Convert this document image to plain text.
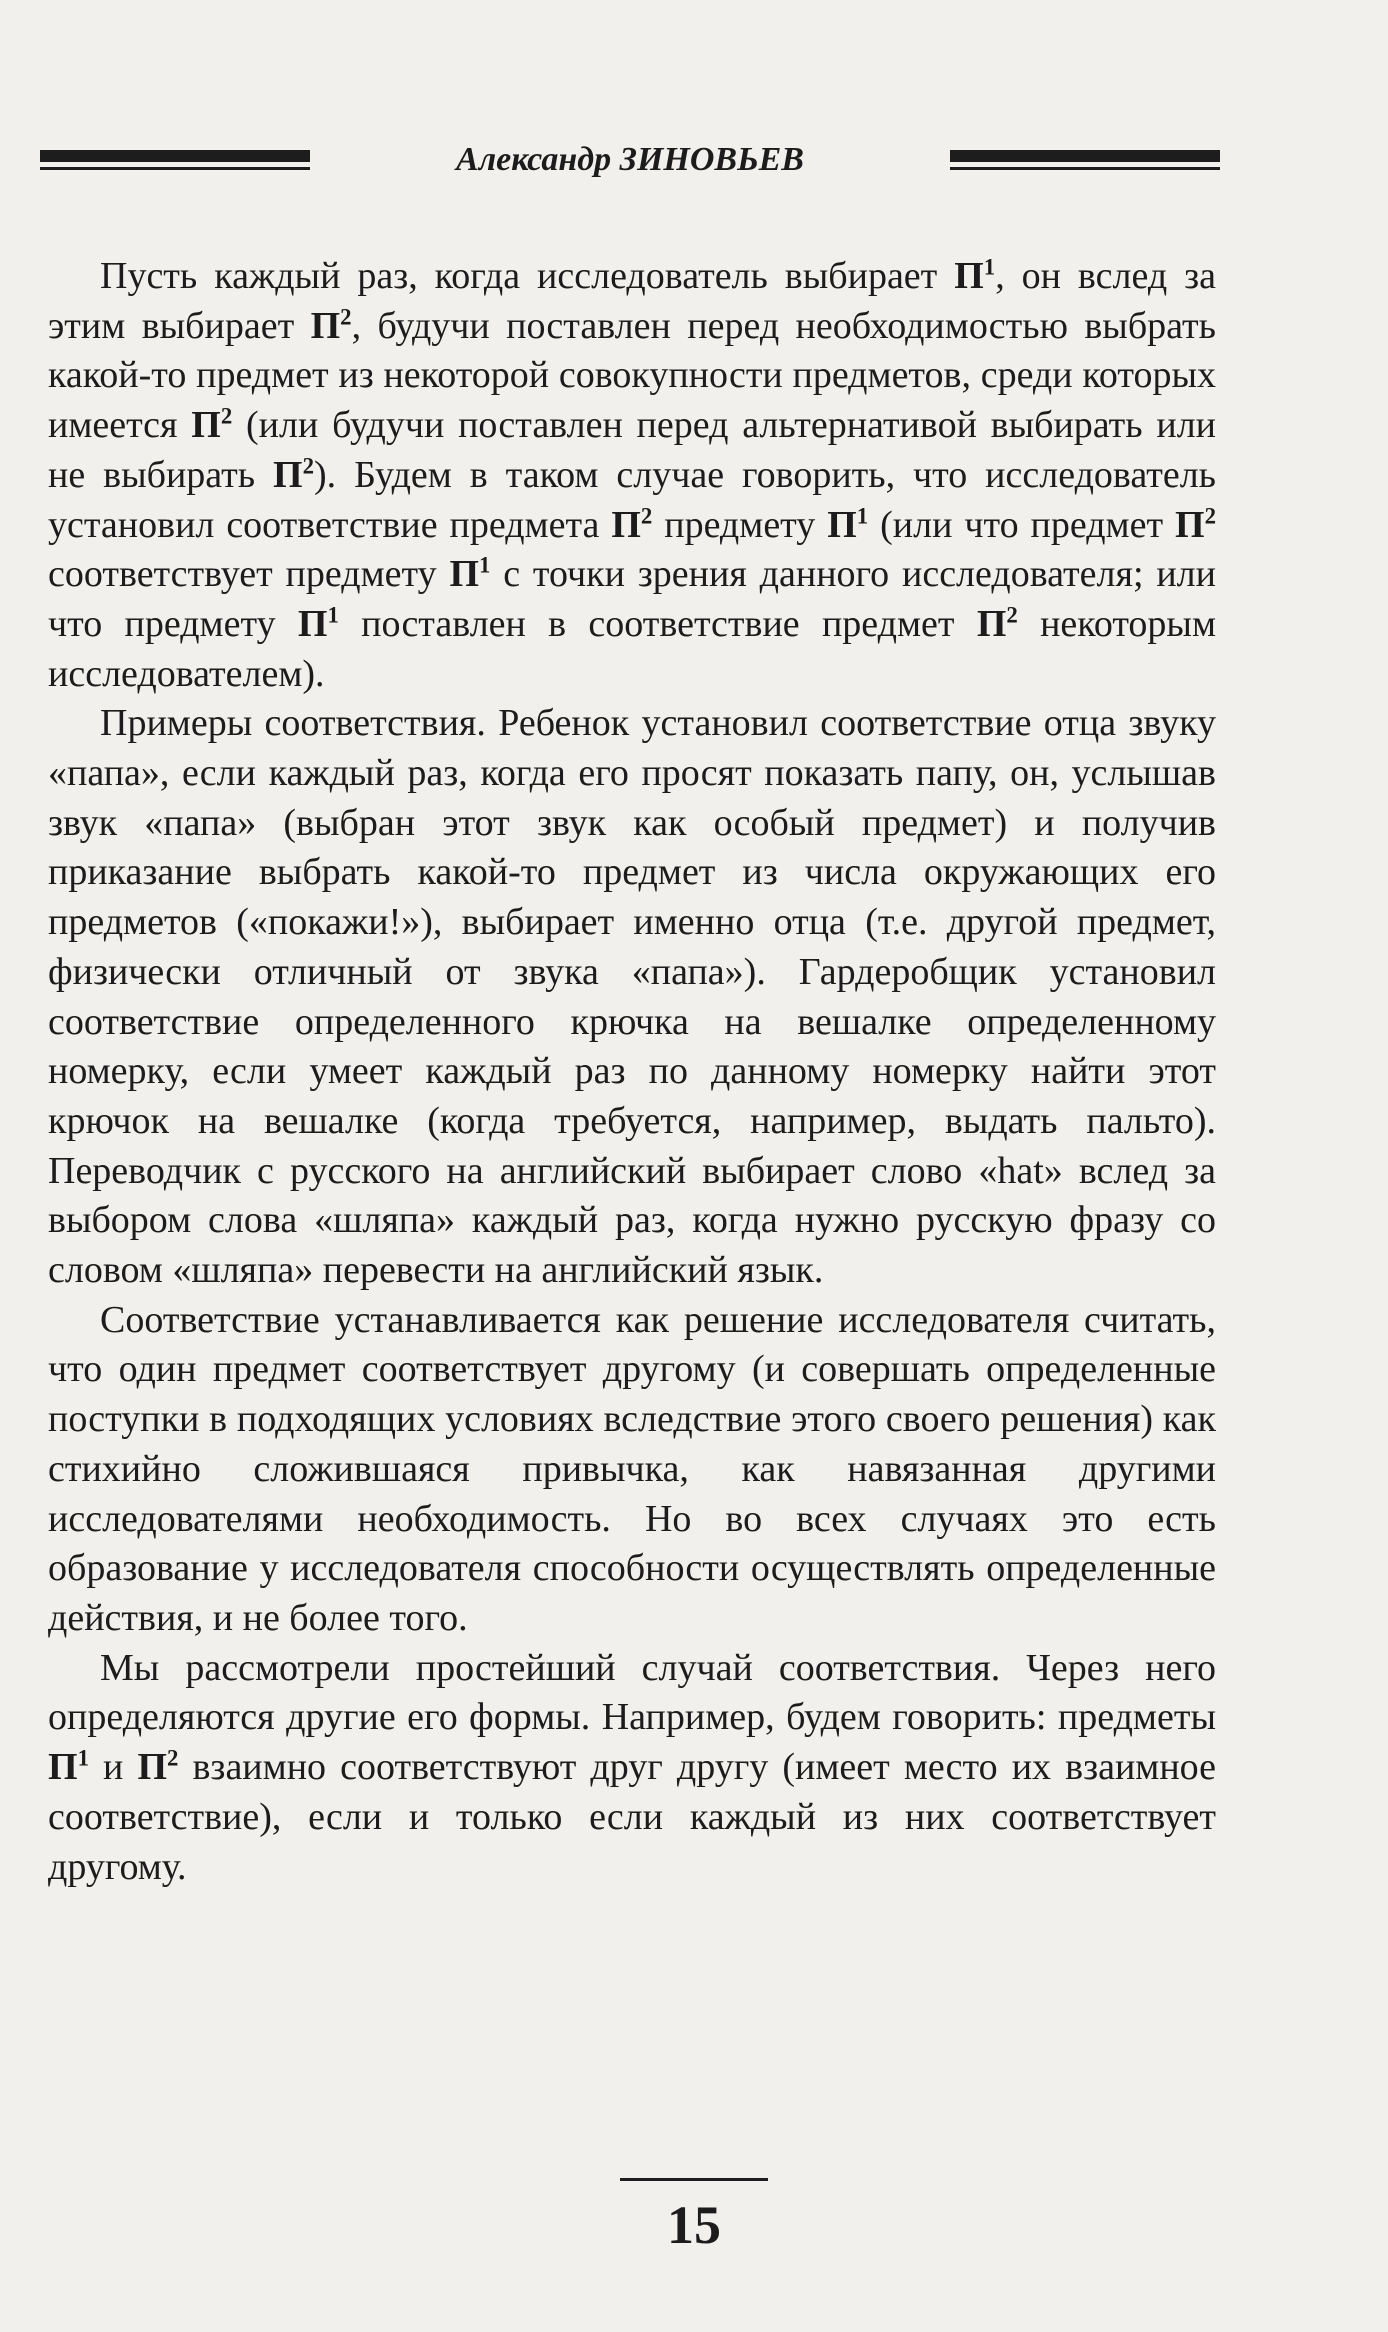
Александр ЗИНОВЬЕВ

Пусть каждый раз, когда исследователь выбирает $П^1$, он вслед за этим выбирает $П^2$, будучи поставлен перед необходимостью выбрать какой-то предмет из некоторой совокупности предметов, среди которых имеется $П^2$ (или будучи поставлен перед альтернативой выбирать или не выбирать $П^2$). Будем в таком случае говорить, что исследователь установил соответствие предмета $П^2$ предмету $П^1$ (или что предмет $П^2$ соответствует предмету $П^1$ с точки зрения данного исследователя; или что предмету $П^1$ поставлен в соответствие предмет $П^2$ некоторым исследователем).

Примеры соответствия. Ребенок установил соответствие отца звуку «папа», если каждый раз, когда его просят показать папу, он, услышав звук «папа» (выбран этот звук как особый предмет) и получив приказание выбрать какой-то предмет из числа окружающих его предметов («покажи!»), выбирает именно отца (т.е. другой предмет, физически отличный от звука «папа»). Гардеробщик установил соответствие определенного крючка на вешалке определенному номерку, если умеет каждый раз по данному номерку найти этот крючок на вешалке (когда требуется, например, выдать пальто). Переводчик с русского на английский выбирает слово «hat» вслед за выбором слова «шляпа» каждый раз, когда нужно русскую фразу со словом «шляпа» перевести на английский язык.

Соответствие устанавливается как решение исследователя считать, что один предмет соответствует другому (и совершать определенные поступки в подходящих условиях вследствие этого своего решения) как стихийно сложившаяся привычка, как навязанная другими исследователями необходимость. Но во всех случаях это есть образование у исследователя способности осуществлять определенные действия, и не более того.

Мы рассмотрели простейший случай соответствия. Через него определяются другие его формы. Например, будем говорить: предметы $П^1$ и $П^2$ взаимно соответствуют друг другу (имеет место их взаимное соответствие), если и только если каждый из них соответствует другому.

15
